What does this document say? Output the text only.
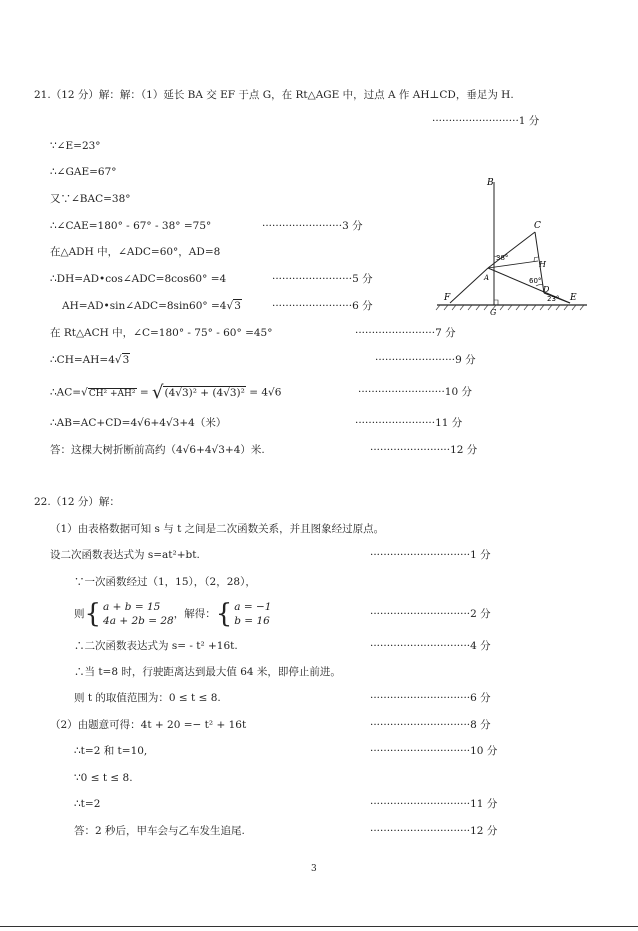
21.（12 分）解：解：（1）延长 BA 交 EF 于点 G，在 Rt△AGE 中，过点 A 作 AH⊥CD，垂足为 H.
··························1 分
∵∠E=23°
∴∠GAE=67°
又∵∠BAC=38°
∴∠CAE=180° - 67° - 38° =75°	························3 分
在△ADH 中，∠ADC=60°，AD=8
∴DH=AD•cos∠ADC=8cos60° =4	························5 分
AH=AD•sin∠ADC=8sin60° =4√3	························6 分
在 Rt△ACH 中，∠C=180° - 75° - 60° =45°	························7 分
∴CH=AH=4√3	························9 分
∴AC=√CH² +AH² = √(4√3)² + (4√3)² = 4√6	··························10 分
∴AB=AC+CD=4√6+4√3+4（米）	························11 分
答：这棵大树折断前高约（4√6+4√3+4）米.	························12 分
B
C
H
A
F
G
D
E
38°
60°
23°
22.（12 分）解：
（1）由表格数据可知 s 与 t 之间是二次函数关系，并且图象经过原点。
设二次函数表达式为 s=at²+bt.	······························1 分
∵一次函数经过（1，15），（2，28），
则{ a + b = 15
4a + 2b = 28
，解得：{ a = −1
b = 16
······························2 分
∴二次函数表达式为 s= - t² +16t.	······························4 分
∴当 t=8 时，行驶距离达到最大值 64 米，即停止前进。
则 t 的取值范围为：0 ≤ t ≤ 8.	······························6 分
（2）由题意可得：4t + 20 =− t² + 16t	······························8 分
∴t=2 和 t=10,	······························10 分
∵0 ≤ t ≤ 8.
∴t=2	······························11 分
答：2 秒后，甲车会与乙车发生追尾.	······························12 分
3
